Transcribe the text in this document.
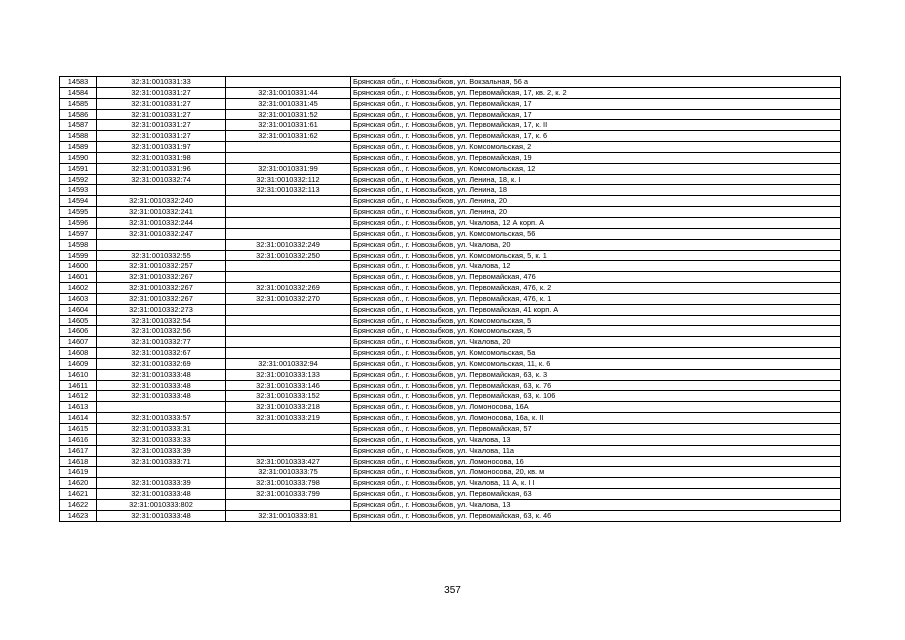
14583	32:31:0010331:33		Брянская обл., г. Новозыбков, ул. Вокзальная, 56 а
14584	32:31:0010331:27	32:31:0010331:44	Брянская обл., г. Новозыбков, ул. Первомайская, 17, кв. 2, к. 2
14585	32:31:0010331:27	32:31:0010331:45	Брянская обл., г. Новозыбков, ул. Первомайская, 17
14586	32:31:0010331:27	32:31:0010331:52	Брянская обл., г. Новозыбков, ул. Первомайская, 17
14587	32:31:0010331:27	32:31:0010331:61	Брянская обл., г. Новозыбков, ул. Первомайская, 17, к. II
14588	32:31:0010331:27	32:31:0010331:62	Брянская обл., г. Новозыбков, ул. Первомайская, 17, к. 6
14589	32:31:0010331:97		Брянская обл., г. Новозыбков, ул. Комсомольская, 2
14590	32:31:0010331:98		Брянская обл., г. Новозыбков, ул. Первомайская, 19
14591	32:31:0010331:96	32:31:0010331:99	Брянская обл., г. Новозыбков, ул. Комсомольская, 12
14592	32:31:0010332:74	32:31:0010332:112	Брянская обл., г. Новозыбков, ул. Ленина, 18, к. I
14593		32:31:0010332:113	Брянская обл., г. Новозыбков, ул. Ленина, 18
14594	32:31:0010332:240		Брянская обл., г. Новозыбков, ул. Ленина, 20
14595	32:31:0010332:241		Брянская обл., г. Новозыбков, ул. Ленина, 20
14596	32:31:0010332:244		Брянская обл., г. Новозыбков, ул. Чкалова, 12 А корп. А
14597	32:31:0010332:247		Брянская обл., г. Новозыбков, ул. Комсомольская, 56
14598		32:31:0010332:249	Брянская обл., г. Новозыбков, ул. Чкалова, 20
14599	32:31:0010332:55	32:31:0010332:250	Брянская обл., г. Новозыбков, ул. Комсомольская, 5, к. 1
14600	32:31:0010332:257		Брянская обл., г. Новозыбков, ул. Чкалова, 12
14601	32:31:0010332:267		Брянская обл., г. Новозыбков, ул. Первомайская, 476
14602	32:31:0010332:267	32:31:0010332:269	Брянская обл., г. Новозыбков, ул. Первомайская, 476, к. 2
14603	32:31:0010332:267	32:31:0010332:270	Брянская обл., г. Новозыбков, ул. Первомайская, 476, к. 1
14604	32:31:0010332:273		Брянская обл., г. Новозыбков, ул. Первомайская, 41 корп. А
14605	32:31:0010332:54		Брянская обл., г. Новозыбков, ул. Комсомольская, 5
14606	32:31:0010332:56		Брянская обл., г. Новозыбков, ул. Комсомольская, 5
14607	32:31:0010332:77		Брянская обл., г. Новозыбков, ул. Чкалова, 20
14608	32:31:0010332:67		Брянская обл., г. Новозыбков, ул. Комсомольская, 5а
14609	32:31:0010332:69	32:31:0010332:94	Брянская обл., г. Новозыбков, ул. Комсомольская, 11, к. 6
14610	32:31:0010333:48	32:31:0010333:133	Брянская обл., г. Новозыбков, ул. Первомайская, 63, к. 3
14611	32:31:0010333:48	32:31:0010333:146	Брянская обл., г. Новозыбков, ул. Первомайская, 63, к. 76
14612	32:31:0010333:48	32:31:0010333:152	Брянская обл., г. Новозыбков, ул. Первомайская, 63, к. 106
14613		32:31:0010333:218	Брянская обл., г. Новозыбков, ул. Ломоносова, 16А
14614	32:31:0010333:57	32:31:0010333:219	Брянская обл., г. Новозыбков, ул. Ломоносова, 16а, к. II
14615	32:31:0010333:31		Брянская обл., г. Новозыбков, ул. Первомайская, 57
14616	32:31:0010333:33		Брянская обл., г. Новозыбков, ул. Чкалова, 13
14617	32:31:0010333:39		Брянская обл., г. Новозыбков, ул. Чкалова, 11а
14618	32:31:0010333:71	32:31:0010333:427	Брянская обл., г. Новозыбков, ул. Ломоносова, 16
14619		32:31:0010333:75	Брянская обл., г. Новозыбков, ул. Ломоносова, 20, кв. м
14620	32:31:0010333:39	32:31:0010333:798	Брянская обл., г. Новозыбков, ул. Чкалова, 11 А, к. I I
14621	32:31:0010333:48	32:31:0010333:799	Брянская обл., г. Новозыбков, ул. Первомайская, 63
14622	32:31:0010333:802		Брянская обл., г. Новозыбков, ул. Чкалова, 13
14623	32:31:0010333:48	32:31:0010333:81	Брянская обл., г. Новозыбков, ул. Первомайская, 63, к. 46
357
